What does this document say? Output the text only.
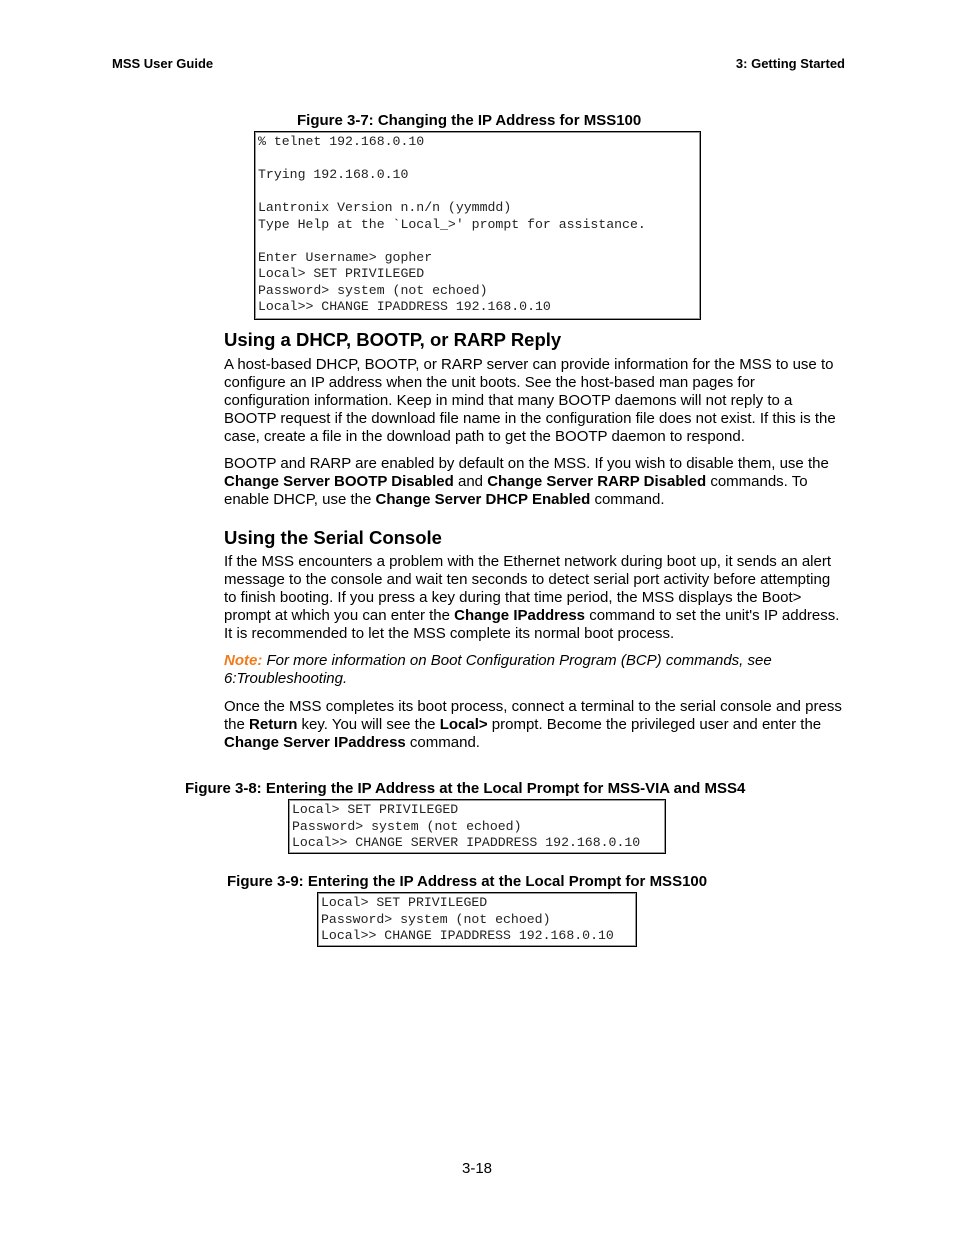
MSS User Guide	3: Getting Started
Figure 3-7: Changing the IP Address for MSS100
% telnet 192.168.0.10
Trying 192.168.0.10
Lantronix Version n.n/n (yymmdd)
Type Help at the `Local_>' prompt for assistance.
Enter Username> gopher
Local> SET PRIVILEGED
Password> system (not echoed)
Local>> CHANGE IPADDRESS 192.168.0.10
Using a DHCP, BOOTP, or RARP Reply
A host-based DHCP, BOOTP, or RARP server can provide information for the MSS to use to configure an IP address when the unit boots. See the host-based man pages for configuration information. Keep in mind that many BOOTP daemons will not reply to a BOOTP request if the download file name in the configuration file does not exist. If this is the case, create a file in the download path to get the BOOTP daemon to respond.
BOOTP and RARP are enabled by default on the MSS. If you wish to disable them, use the Change Server BOOTP Disabled and Change Server RARP Disabled commands. To enable DHCP, use the Change Server DHCP Enabled command.
Using the Serial Console
If the MSS encounters a problem with the Ethernet network during boot up, it sends an alert message to the console and wait ten seconds to detect serial port activity before attempting to finish booting. If you press a key during that time period, the MSS displays the Boot> prompt at which you can enter the Change IPaddress command to set the unit's IP address. It is recommended to let the MSS complete its normal boot process.
Note: For more information on Boot Configuration Program (BCP) commands, see 6:Troubleshooting.
Once the MSS completes its boot process, connect a terminal to the serial console and press the Return key. You will see the Local> prompt. Become the privileged user and enter the Change Server IPaddress command.
Figure 3-8: Entering the IP Address at the Local Prompt for MSS-VIA and MSS4
Local> SET PRIVILEGED
Password> system (not echoed)
Local>> CHANGE SERVER IPADDRESS 192.168.0.10
Figure 3-9: Entering the IP Address at the Local Prompt for MSS100
Local> SET PRIVILEGED
Password> system (not echoed)
Local>> CHANGE IPADDRESS 192.168.0.10
3-18
